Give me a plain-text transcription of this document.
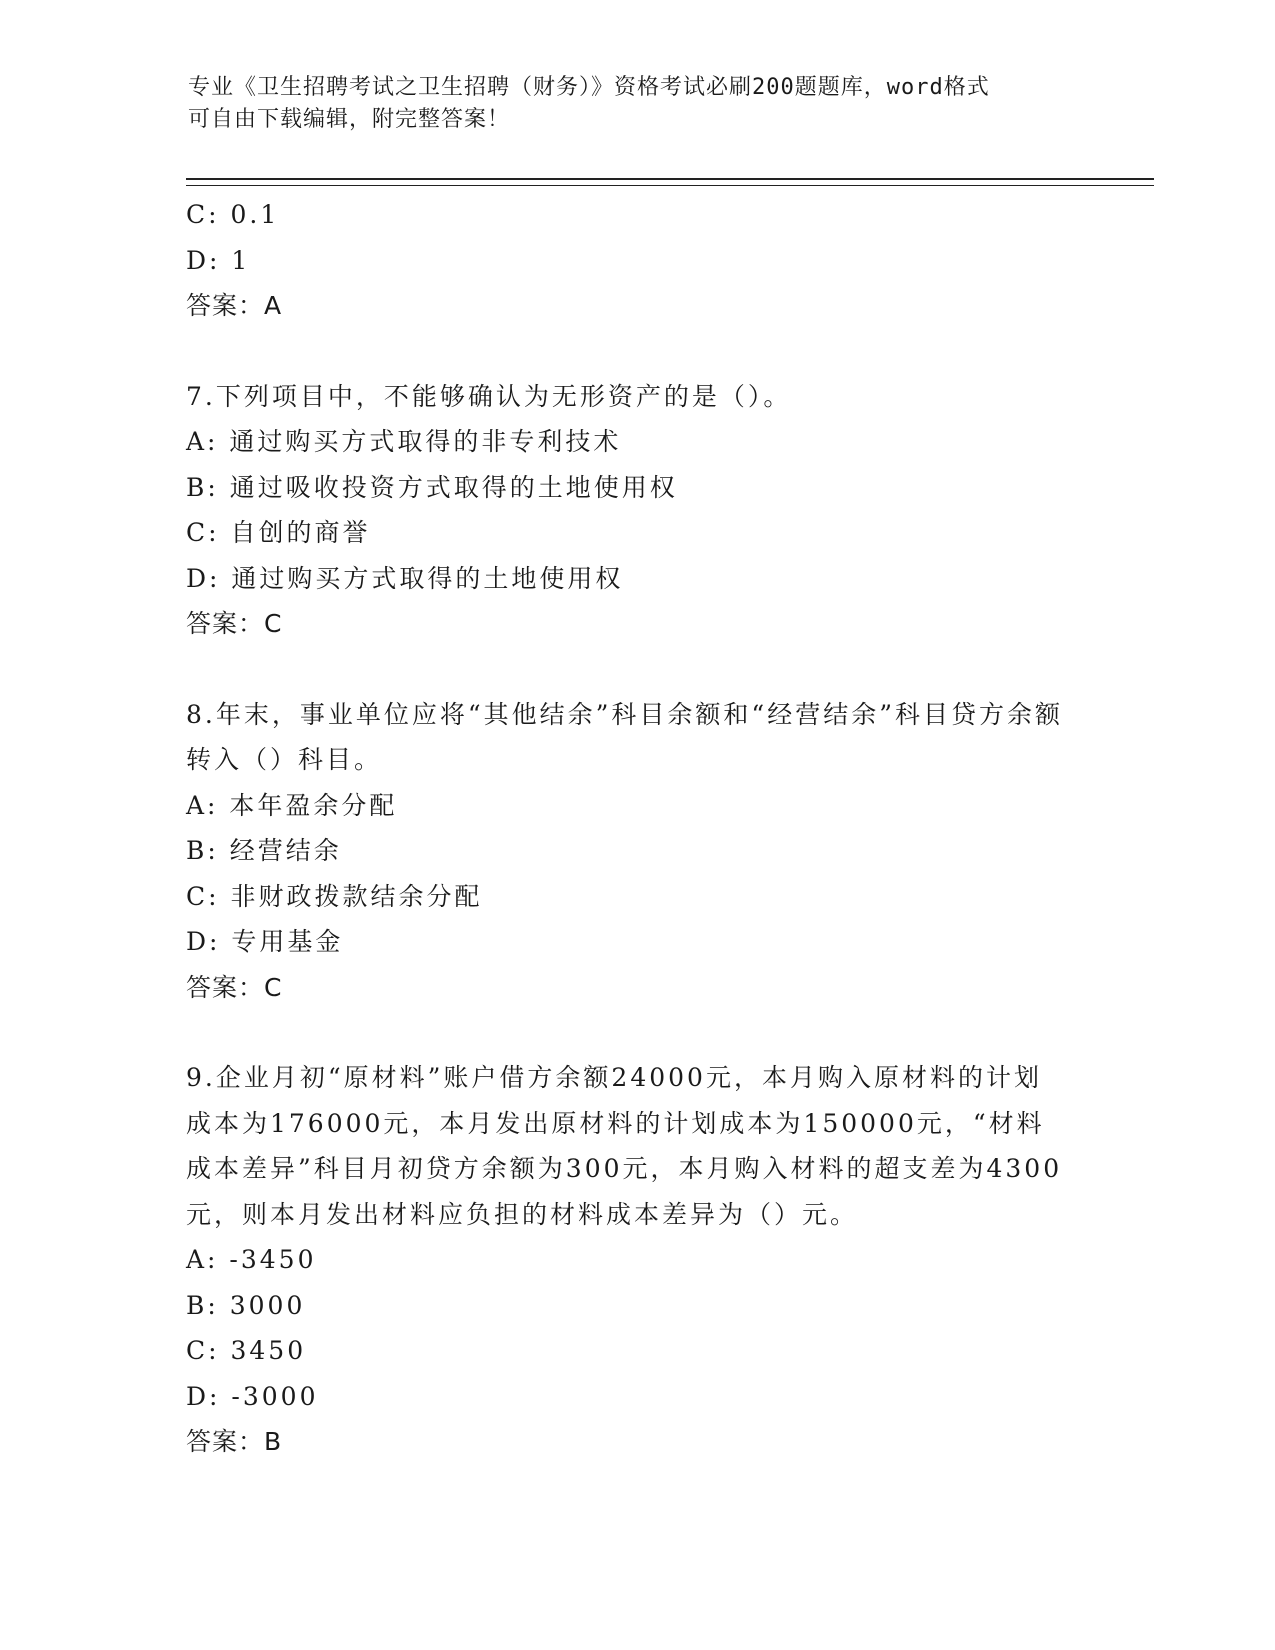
专业《卫生招聘考试之卫生招聘（财务）》资格考试必刷200题题库，word格式
可自由下载编辑，附完整答案！

C: 0.1

D: 1

答案：A

7.下列项目中，不能够确认为无形资产的是（）。

A: 通过购买方式取得的非专利技术

B: 通过吸收投资方式取得的土地使用权

C: 自创的商誉

D: 通过购买方式取得的土地使用权

答案：C

8.年末，事业单位应将“其他结余”科目余额和“经营结余”科目贷方余额转入（）科目。

A: 本年盈余分配

B: 经营结余

C: 非财政拨款结余分配

D: 专用基金

答案：C

9.企业月初“原材料”账户借方余额24000元，本月购入原材料的计划成本为176000元，本月发出原材料的计划成本为150000元，“材料成本差异”科目月初贷方余额为300元，本月购入材料的超支差为4300元，则本月发出材料应负担的材料成本差异为（）元。

A: -3450

B: 3000

C: 3450

D: -3000

答案：B
